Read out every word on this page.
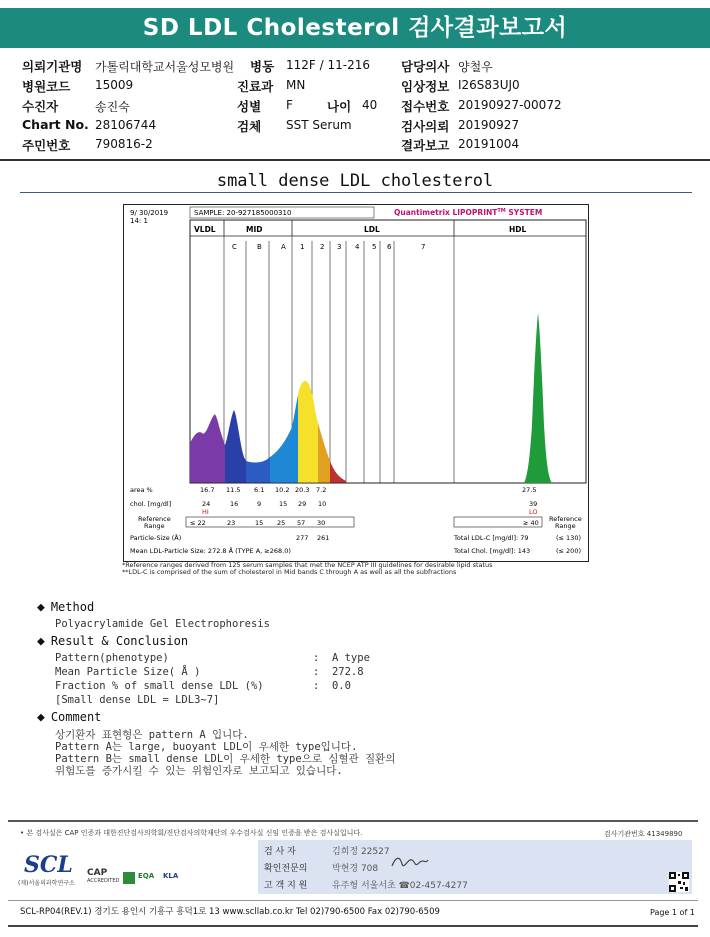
SD LDL Cholesterol 검사결과보고서
의뢰기관명 가톨릭대학교서울성모병원 병동 112F / 11-216 담당의사 양철우
병원코드 15009	진료과 MN	임상정보 I26S83UJ0
수진자	송진숙	성별 F	나이 40 접수번호 20190927-00072
Chart No. 28106744	검체 SST Serum	검사의뢰 20190927
주민번호 790816-2	결과보고 20191004
small dense LDL cholesterol
9/ 30/2019
14: 1
SAMPLE: 20-927185000310	Quantimetrix LIPOPRINT™ SYSTEM
VLDL	MID	LDL	HDL
C	B	A 1 2 3 4 5 6	7
area %	16.7 11.5 6.1 10.2 20.3 7.2	27.5
chol. [mg/dl]	24	16	9	15 29 10	39
HI	LO
Reference
Range	≤ 22	23	15 25 57 30	≥ 40 Reference
Range
Particle-Size (Å)	277 261	Total LDL-C [mg/dl]: 79	(≤ 130)
Mean LDL-Particle Size: 272.8 Å (TYPE A, ≥268.0)	Total Chol. [mg/dl]: 143	(≤ 200)
*Reference ranges derived from 125 serum samples that met the NCEP ATP III guidelines for desirable lipid status
**LDL-C is comprised of the sum of cholesterol in Mid bands C through A as well as all the subfractions
◆ Method
Polyacrylamide Gel Electrophoresis
◆ Result & Conclusion
Pattern(phenotype)	:  A type
Mean Particle Size( Å )	:  272.8
Fraction % of small dense LDL (%)	:  0.0
[Small dense LDL = LDL3~7]
◆ Comment
상기환자 표현형은 pattern A 입니다.
Pattern A는 large, buoyant LDL이 우세한 type입니다.
Pattern B는 small dense LDL이 우세한 type으로 심혈관 질환의
위험도를 증가시킬 수 있는 위험인자로 보고되고 있습니다.
• 본 검사실은 CAP 인증과 대한진단검사의학회/진단검사의학재단의 우수검사실 신임 인증을 받은 검사실입니다.	검사기관번호 41349890
SCL
(재)서울의과학연구소
CAP
ACCREDITED
EQA KLA
검 사 자	김희정 22527
확인전문의	박현경 708
고 객 지 원	유주형 서울서초 ☎02-457-4277
SCL-RP04(REV.1) 경기도 용인시 기흥구 흥덕1로 13 www.scllab.co.kr Tel 02)790-6500 Fax 02)790-6509	Page 1 of 1
